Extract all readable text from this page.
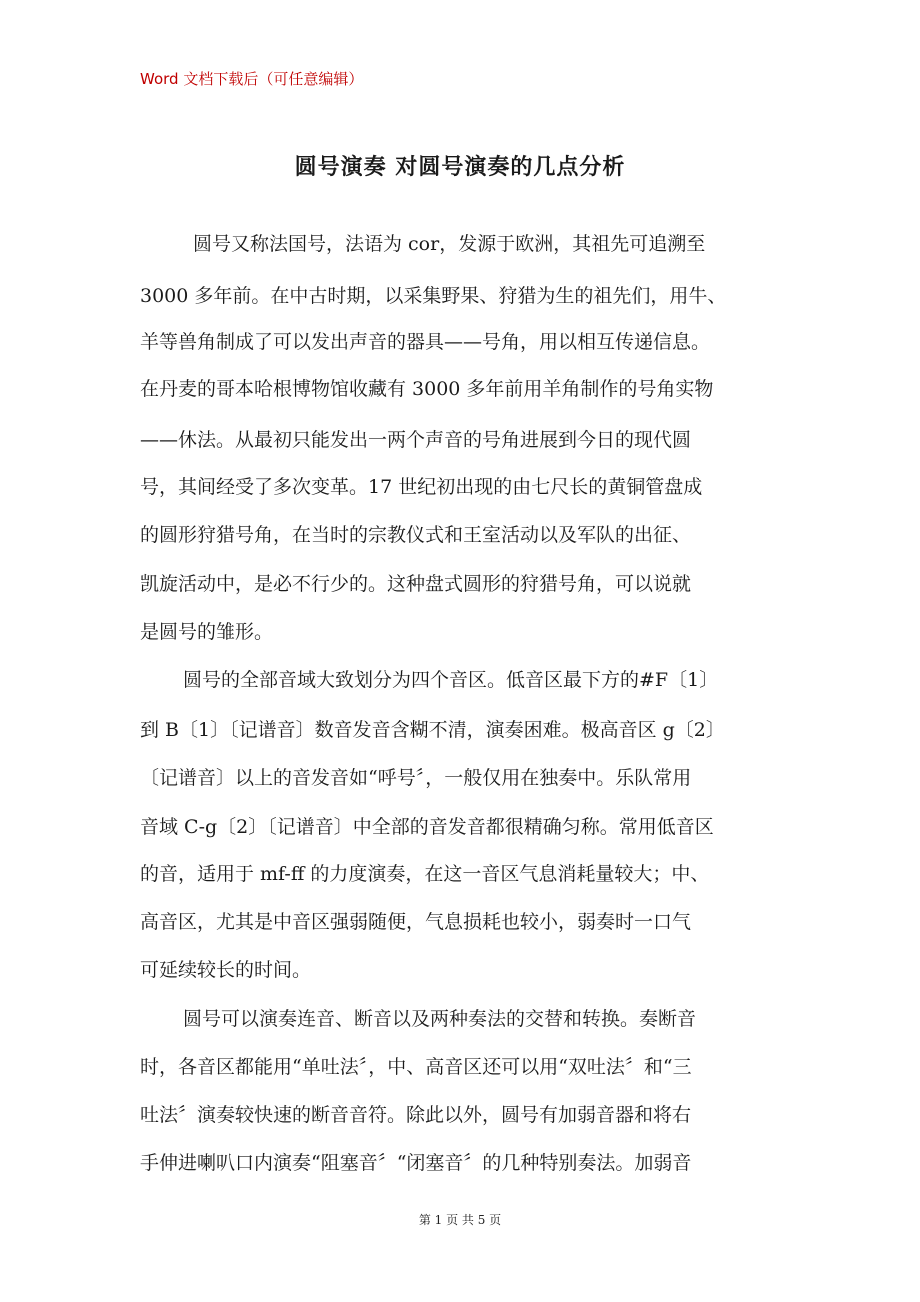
Word 文档下载后（可任意编辑）
圆号演奏 对圆号演奏的几点分析
圆号又称法国号，法语为 cor，发源于欧洲，其祖先可追溯至
3000 多年前。在中古时期，以采集野果、狩猎为生的祖先们，用牛、
羊等兽角制成了可以发出声音的器具——号角，用以相互传递信息。
在丹麦的哥本哈根博物馆收藏有 3000 多年前用羊角制作的号角实物
——休法。从最初只能发出一两个声音的号角进展到今日的现代圆
号，其间经受了多次变革。17 世纪初出现的由七尺长的黄铜管盘成
的圆形狩猎号角，在当时的宗教仪式和王室活动以及军队的出征、
凯旋活动中，是必不行少的。这种盘式圆形的狩猎号角，可以说就
是圆号的雏形。
圆号的全部音域大致划分为四个音区。低音区最下方的#F〔1〕
到 B〔1〕〔记谱音〕数音发音含糊不清，演奏困难。极高音区 g〔2〕
〔记谱音〕以上的音发音如“呼号〞，一般仅用在独奏中。乐队常用
音域 C-g〔2〕〔记谱音〕中全部的音发音都很精确匀称。常用低音区
的音，适用于 mf-ff 的力度演奏，在这一音区气息消耗量较大；中、
高音区，尤其是中音区强弱随便，气息损耗也较小，弱奏时一口气
可延续较长的时间。
圆号可以演奏连音、断音以及两种奏法的交替和转换。奏断音
时，各音区都能用“单吐法〞，中、高音区还可以用“双吐法〞和“三
吐法〞演奏较快速的断音音符。除此以外，圆号有加弱音器和将右
手伸进喇叭口内演奏“阻塞音〞“闭塞音〞的几种特别奏法。加弱音
第 1 页 共 5 页
